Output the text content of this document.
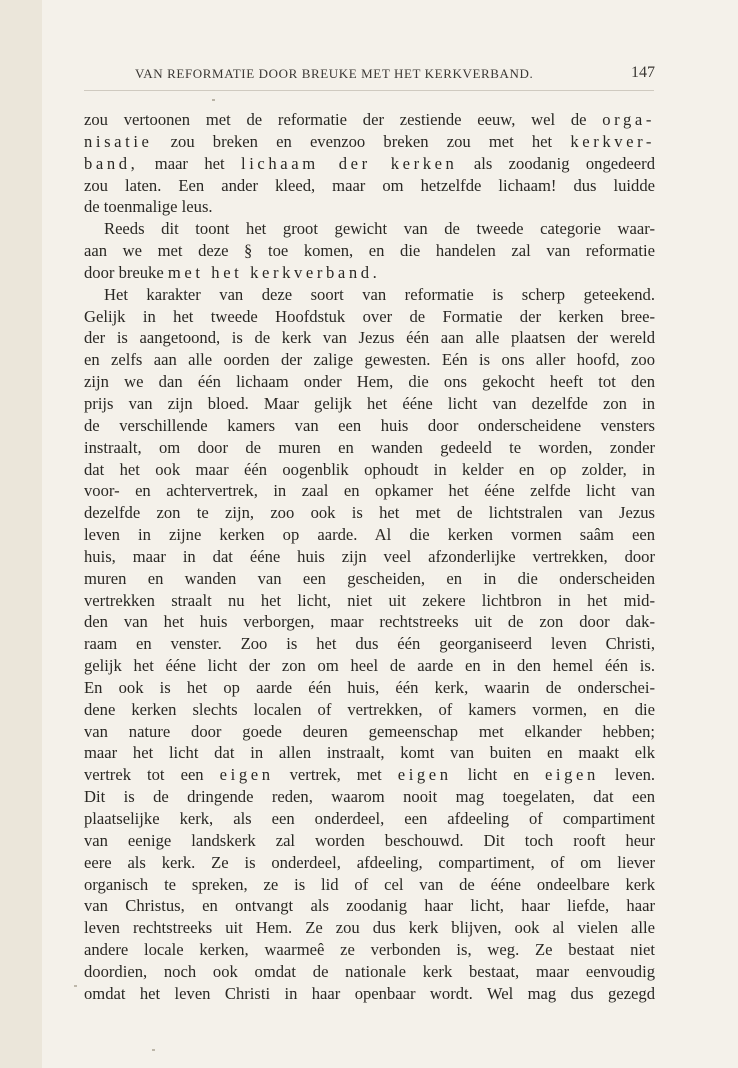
VAN REFORMATIE DOOR BREUKE MET HET KERKVERBAND.	147
zou vertoonen met de reformatie der zestiende eeuw, wel de orga-
nisatie zou breken en evenzoo breken zou met het kerkver-
band, maar het lichaam der kerken als zoodanig ongedeerd
zou laten. Een ander kleed, maar om hetzelfde lichaam! dus luidde
de toenmalige leus.
Reeds dit toont het groot gewicht van de tweede categorie waar-
aan we met deze § toe komen, en die handelen zal van reformatie
door breuke met het kerkverband.
Het karakter van deze soort van reformatie is scherp geteekend.
Gelijk in het tweede Hoofdstuk over de Formatie der kerken bree-
der is aangetoond, is de kerk van Jezus één aan alle plaatsen der wereld
en zelfs aan alle oorden der zalige gewesten. Eén is ons aller hoofd, zoo
zijn we dan één lichaam onder Hem, die ons gekocht heeft tot den
prijs van zijn bloed. Maar gelijk het ééne licht van dezelfde zon in
de verschillende kamers van een huis door onderscheidene vensters
instraalt, om door de muren en wanden gedeeld te worden, zonder
dat het ook maar één oogenblik ophoudt in kelder en op zolder, in
voor- en achtervertrek, in zaal en opkamer het ééne zelfde licht van
dezelfde zon te zijn, zoo ook is het met de lichtstralen van Jezus
leven in zijne kerken op aarde. Al die kerken vormen saâm een
huis, maar in dat ééne huis zijn veel afzonderlijke vertrekken, door
muren en wanden van een gescheiden, en in die onderscheiden
vertrekken straalt nu het licht, niet uit zekere lichtbron in het mid-
den van het huis verborgen, maar rechtstreeks uit de zon door dak-
raam en venster. Zoo is het dus één georganiseerd leven Christi,
gelijk het ééne licht der zon om heel de aarde en in den hemel één is.
En ook is het op aarde één huis, één kerk, waarin de onderschei-
dene kerken slechts localen of vertrekken, of kamers vormen, en die
van nature door goede deuren gemeenschap met elkander hebben;
maar het licht dat in allen instraalt, komt van buiten en maakt elk
vertrek tot een eigen vertrek, met eigen licht en eigen leven.
Dit is de dringende reden, waarom nooit mag toegelaten, dat een
plaatselijke kerk, als een onderdeel, een afdeeling of compartiment
van eenige landskerk zal worden beschouwd. Dit toch rooft heur
eere als kerk. Ze is onderdeel, afdeeling, compartiment, of om liever
organisch te spreken, ze is lid of cel van de ééne ondeelbare kerk
van Christus, en ontvangt als zoodanig haar licht, haar liefde, haar
leven rechtstreeks uit Hem. Ze zou dus kerk blijven, ook al vielen alle
andere locale kerken, waarmeê ze verbonden is, weg. Ze bestaat niet
doordien, noch ook omdat de nationale kerk bestaat, maar eenvoudig
omdat het leven Christi in haar openbaar wordt. Wel mag dus gezegd
